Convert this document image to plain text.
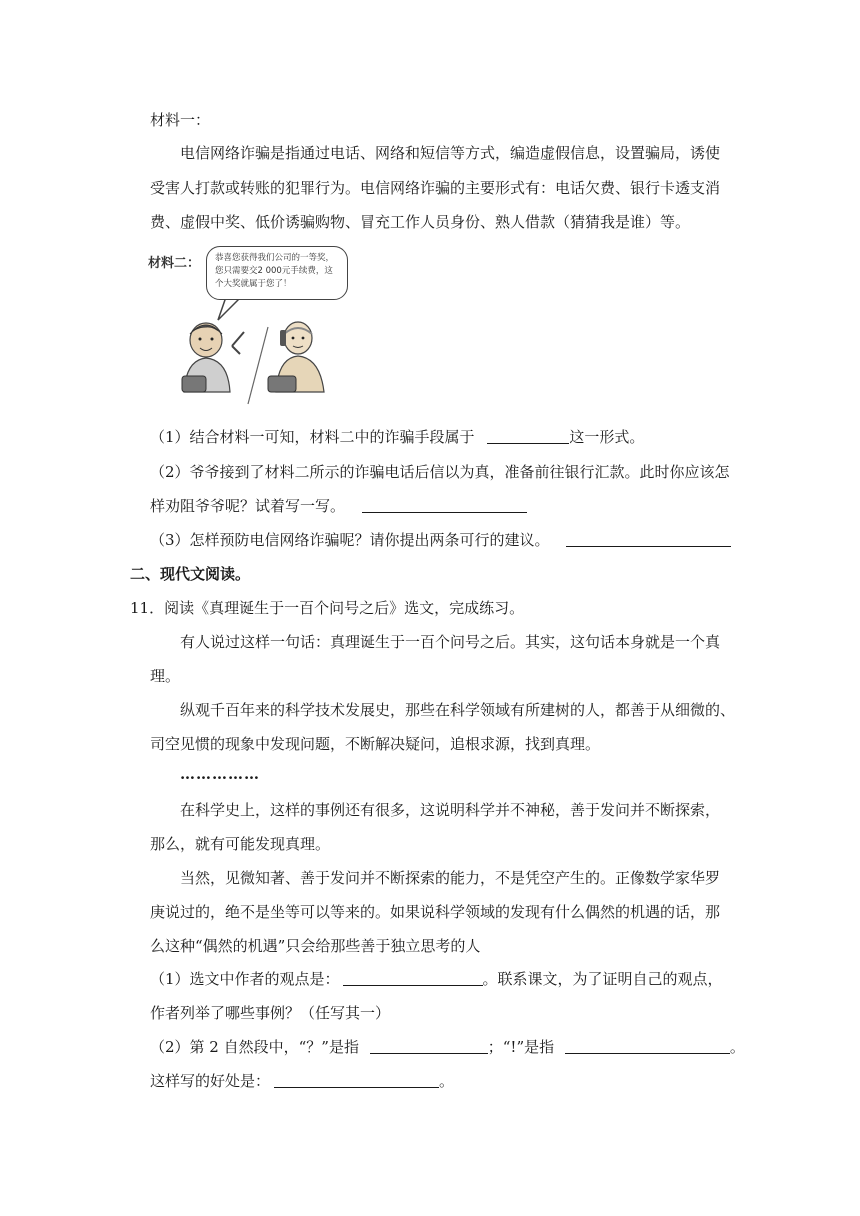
材料一：
电信网络诈骗是指通过电话、网络和短信等方式，编造虚假信息，设置骗局，诱使
受害人打款或转账的犯罪行为。电信网络诈骗的主要形式有：电话欠费、银行卡透支消
费、虚假中奖、低价诱骗购物、冒充工作人员身份、熟人借款（猜猜我是谁）等。
材料二： 恭喜您获得我们公司的一等奖，您只需要交2 000元手续费，这个大奖就属于您了！
（1）结合材料一可知，材料二中的诈骗手段属于	这一形式。
（2）爷爷接到了材料二所示的诈骗电话后信以为真，准备前往银行汇款。此时你应该怎
样劝阻爷爷呢？试着写一写。
（3）怎样预防电信网络诈骗呢？请你提出两条可行的建议。
二、现代文阅读。
11．阅读《真理诞生于一百个问号之后》选文，完成练习。
有人说过这样一句话：真理诞生于一百个问号之后。其实，这句话本身就是一个真
理。
纵观千百年来的科学技术发展史，那些在科学领域有所建树的人，都善于从细微的、
司空见惯的现象中发现问题，不断解决疑问，追根求源，找到真理。
……………
在科学史上，这样的事例还有很多，这说明科学并不神秘，善于发问并不断探索，
那么，就有可能发现真理。
当然，见微知著、善于发问并不断探索的能力，不是凭空产生的。正像数学家华罗
庚说过的，绝不是坐等可以等来的。如果说科学领域的发现有什么偶然的机遇的话，那
么这种“偶然的机遇”只会给那些善于独立思考的人
（1）选文中作者的观点是：	。联系课文，为了证明自己的观点，
作者列举了哪些事例？（任写其一）
（2）第 2 自然段中，“？”是指	；“!”是指	。
这样写的好处是：	。
